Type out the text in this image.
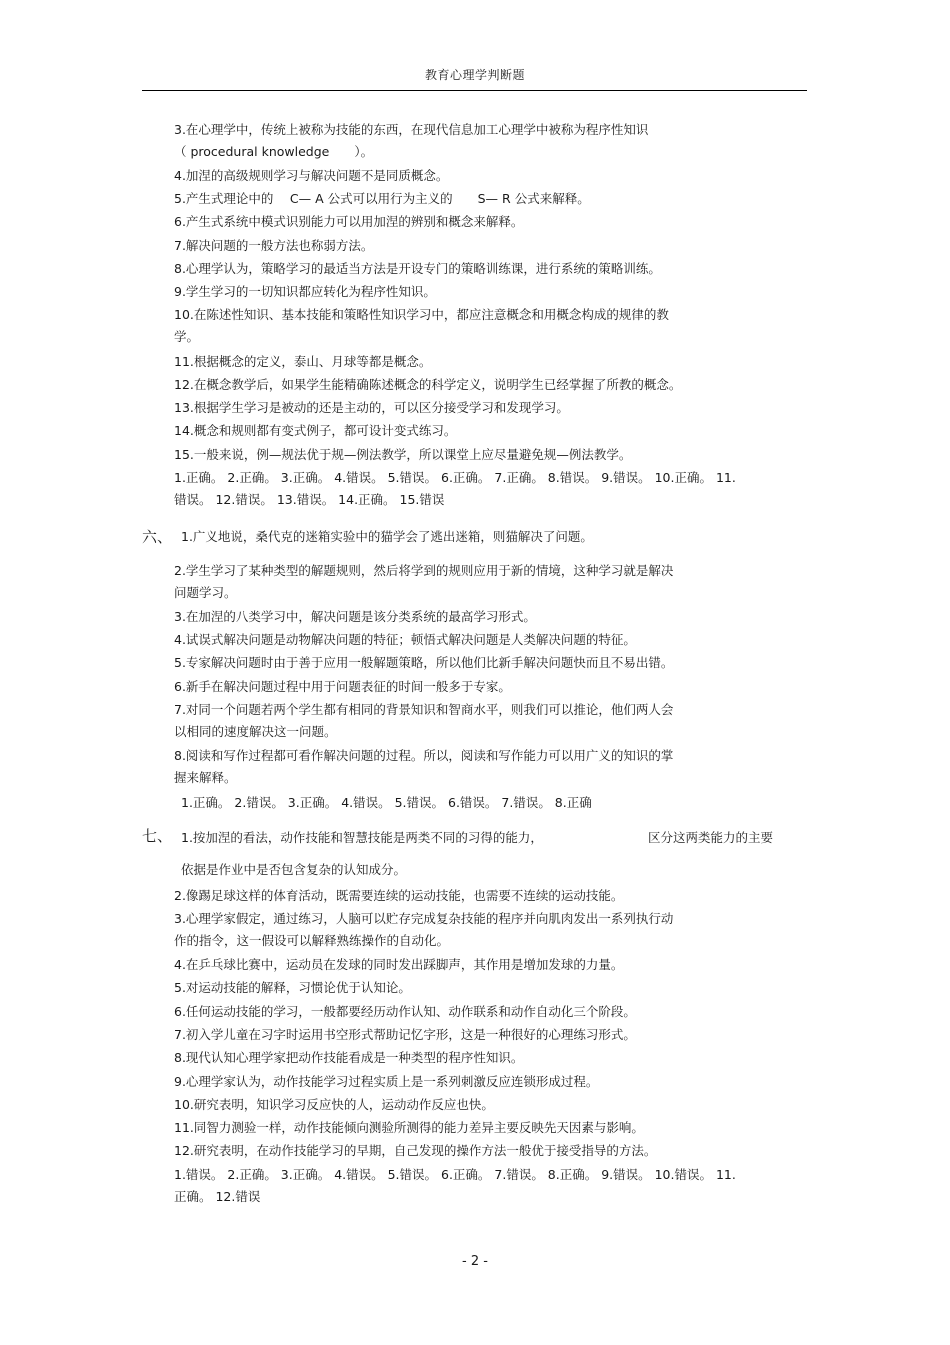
教育心理学判断题
3.在心理学中，传统上被称为技能的东西，在现代信息加工心理学中被称为程序性知识
（ procedural knowledge　　）。
4.加涅的高级规则学习与解决问题不是同质概念。
5.产生式理论中的　 C— A 公式可以用行为主义的　　S— R 公式来解释。
6.产生式系统中模式识别能力可以用加涅的辨别和概念来解释。
7.解决问题的一般方法也称弱方法。
8.心理学认为，策略学习的最适当方法是开设专门的策略训练课，进行系统的策略训练。
9.学生学习的一切知识都应转化为程序性知识。
10.在陈述性知识、基本技能和策略性知识学习中，都应注意概念和用概念构成的规律的教
学。
11.根据概念的定义，泰山、月球等都是概念。
12.在概念教学后，如果学生能精确陈述概念的科学定义，说明学生已经掌握了所教的概念。
13.根据学生学习是被动的还是主动的，可以区分接受学习和发现学习。
14.概念和规则都有变式例子，都可设计变式练习。
15.一般来说，例—规法优于规—例法教学，所以课堂上应尽量避免规—例法教学。
1.正确。 2.正确。 3.正确。 4.错误。 5.错误。 6.正确。 7.正确。 8.错误。 9.错误。 10.正确。 11.
错误。 12.错误。 13.错误。 14.正确。 15.错误
六、 1.广义地说，桑代克的迷箱实验中的猫学会了逃出迷箱，则猫解决了问题。
2.学生学习了某种类型的解题规则，然后将学到的规则应用于新的情境，这种学习就是解决
问题学习。
3.在加涅的八类学习中，解决问题是该分类系统的最高学习形式。
4.试误式解决问题是动物解决问题的特征；顿悟式解决问题是人类解决问题的特征。
5.专家解决问题时由于善于应用一般解题策略，所以他们比新手解决问题快而且不易出错。
6.新手在解决问题过程中用于问题表征的时间一般多于专家。
7.对同一个问题若两个学生都有相同的背景知识和智商水平，则我们可以推论，他们两人会
以相同的速度解决这一问题。
8.阅读和写作过程都可看作解决问题的过程。所以，阅读和写作能力可以用广义的知识的掌
握来解释。
1.正确。 2.错误。 3.正确。 4.错误。 5.错误。 6.错误。 7.错误。 8.正确
七、 1.按加涅的看法，动作技能和智慧技能是两类不同的习得的能力，	区分这两类能力的主要
依据是作业中是否包含复杂的认知成分。
2.像踢足球这样的体育活动，既需要连续的运动技能，也需要不连续的运动技能。
3.心理学家假定，通过练习，人脑可以贮存完成复杂技能的程序并向肌肉发出一系列执行动
作的指令，这一假设可以解释熟练操作的自动化。
4.在乒乓球比赛中，运动员在发球的同时发出踩脚声，其作用是增加发球的力量。
5.对运动技能的解释，习惯论优于认知论。
6.任何运动技能的学习，一般都要经历动作认知、动作联系和动作自动化三个阶段。
7.初入学儿童在习字时运用书空形式帮助记忆字形，这是一种很好的心理练习形式。
8.现代认知心理学家把动作技能看成是一种类型的程序性知识。
9.心理学家认为，动作技能学习过程实质上是一系列刺激反应连锁形成过程。
10.研究表明，知识学习反应快的人，运动动作反应也快。
11.同智力测验一样，动作技能倾向测验所测得的能力差异主要反映先天因素与影响。
12.研究表明，在动作技能学习的早期，自己发现的操作方法一般优于接受指导的方法。
1.错误。 2.正确。 3.正确。 4.错误。 5.错误。 6.正确。 7.错误。 8.正确。 9.错误。 10.错误。 11.
正确。 12.错误
- 2 -
